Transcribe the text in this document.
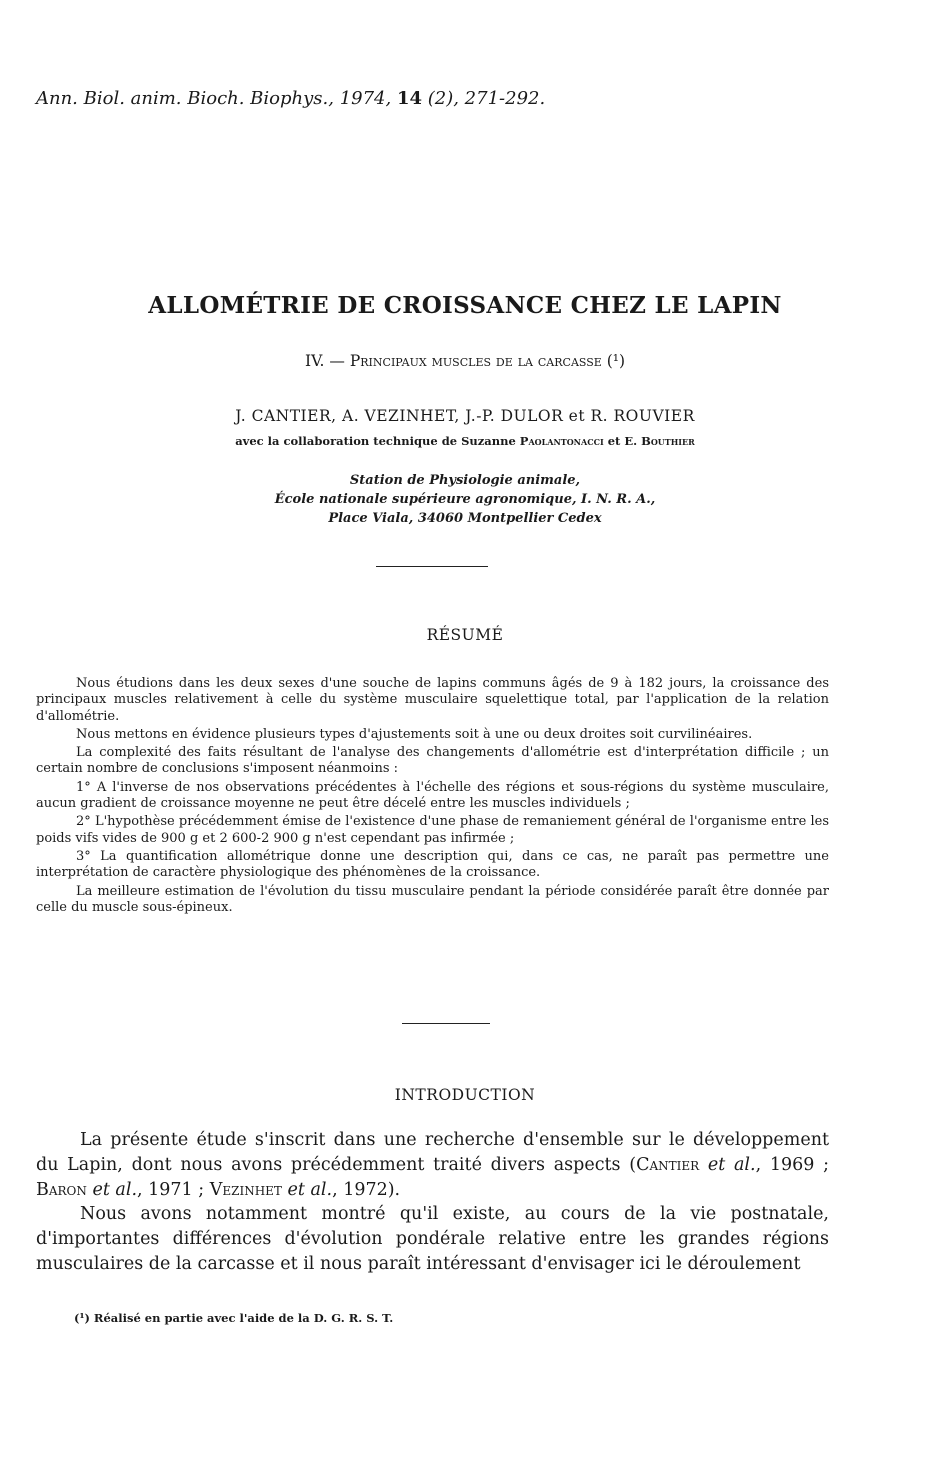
Ann. Biol. anim. Bioch. Biophys., 1974, 14 (2), 271-292.
ALLOMÉTRIE DE CROISSANCE CHEZ LE LAPIN
IV. — Principaux muscles de la carcasse (¹)
J. CANTIER, A. VEZINHET, J.-P. DULOR et R. ROUVIER
avec la collaboration technique de Suzanne Paolantonacci et E. Bouthier
Station de Physiologie animale,
École nationale supérieure agronomique, I. N. R. A.,
Place Viala, 34060 Montpellier Cedex
RÉSUMÉ

Nous étudions dans les deux sexes d'une souche de lapins communs âgés de 9 à 182 jours, la croissance des principaux muscles relativement à celle du système musculaire squelettique total, par l'application de la relation d'allométrie.

Nous mettons en évidence plusieurs types d'ajustements soit à une ou deux droites soit curvilinéaires.

La complexité des faits résultant de l'analyse des changements d'allométrie est d'interprétation difficile ; un certain nombre de conclusions s'imposent néanmoins :

1° A l'inverse de nos observations précédentes à l'échelle des régions et sous-régions du système musculaire, aucun gradient de croissance moyenne ne peut être décelé entre les muscles individuels ;

2° L'hypothèse précédemment émise de l'existence d'une phase de remaniement général de l'organisme entre les poids vifs vides de 900 g et 2 600-2 900 g n'est cependant pas infirmée ;

3° La quantification allométrique donne une description qui, dans ce cas, ne paraît pas permettre une interprétation de caractère physiologique des phénomènes de la croissance.

La meilleure estimation de l'évolution du tissu musculaire pendant la période considérée paraît être donnée par celle du muscle sous-épineux.

INTRODUCTION

La présente étude s'inscrit dans une recherche d'ensemble sur le développement du Lapin, dont nous avons précédemment traité divers aspects (Cantier et al., 1969 ; Baron et al., 1971 ; Vezinhet et al., 1972).

Nous avons notamment montré qu'il existe, au cours de la vie postnatale, d'importantes différences d'évolution pondérale relative entre les grandes régions musculaires de la carcasse et il nous paraît intéressant d'envisager ici le déroulement

(¹) Réalisé en partie avec l'aide de la D. G. R. S. T.
